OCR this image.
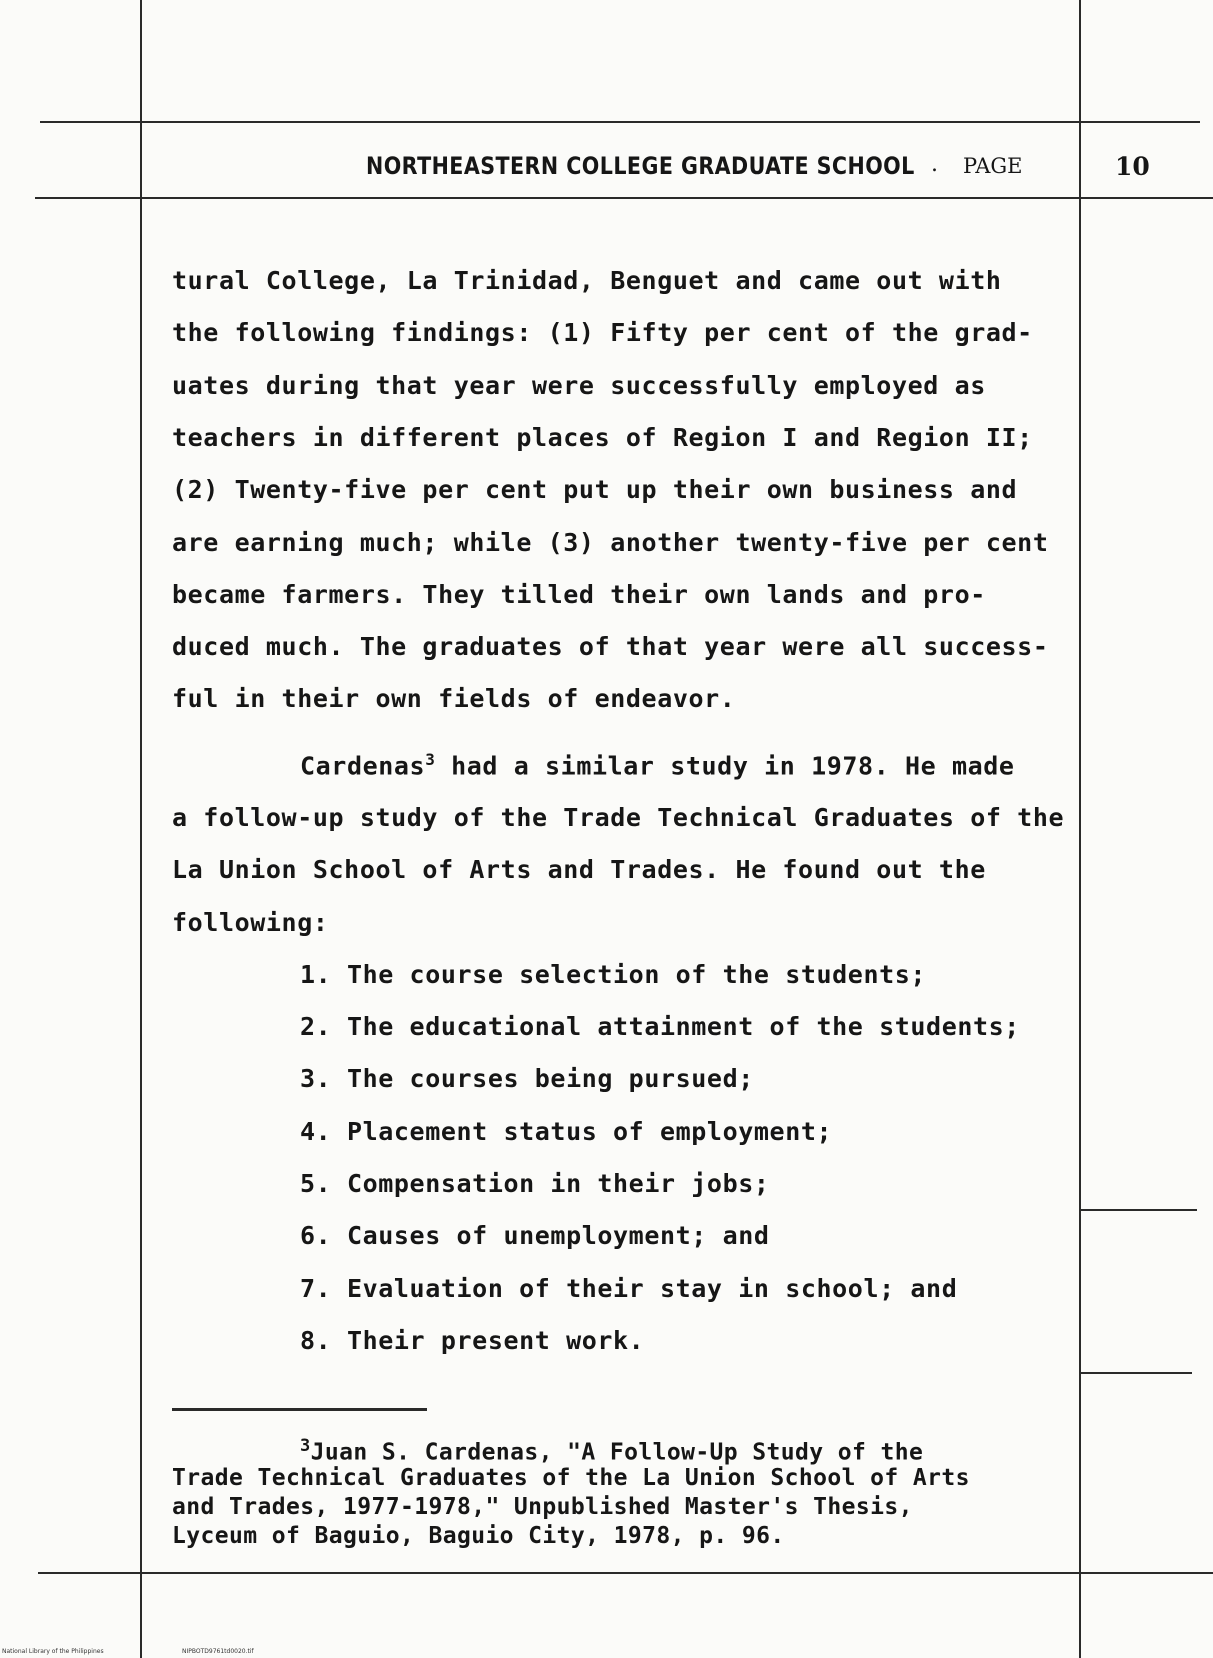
NORTHEASTERN COLLEGE GRADUATE SCHOOL . PAGE	10
tural College, La Trinidad, Benguet and came out with
the following findings: (1) Fifty per cent of the grad-
uates during that year were successfully employed as
teachers in different places of Region I and Region II;
(2) Twenty-five per cent put up their own business and
are earning much; while (3) another twenty-five per cent
became farmers. They tilled their own lands and pro-
duced much. The graduates of that year were all success-
ful in their own fields of endeavor.
Cardenas$^3$ had a similar study in 1978. He made
a follow-up study of the Trade Technical Graduates of the
La Union School of Arts and Trades. He found out the
following:
1. The course selection of the students;
2. The educational attainment of the students;
3. The courses being pursued;
4. Placement status of employment;
5. Compensation in their jobs;
6. Causes of unemployment; and
7. Evaluation of their stay in school; and
8. Their present work.
$^3$Juan S. Cardenas, "A Follow-Up Study of the
Trade Technical Graduates of the La Union School of Arts
and Trades, 1977-1978," Unpublished Master's Thesis,
Lyceum of Baguio, Baguio City, 1978, p. 96.
National Library of the Philippines	NIPBOTD9761td0020.tif
